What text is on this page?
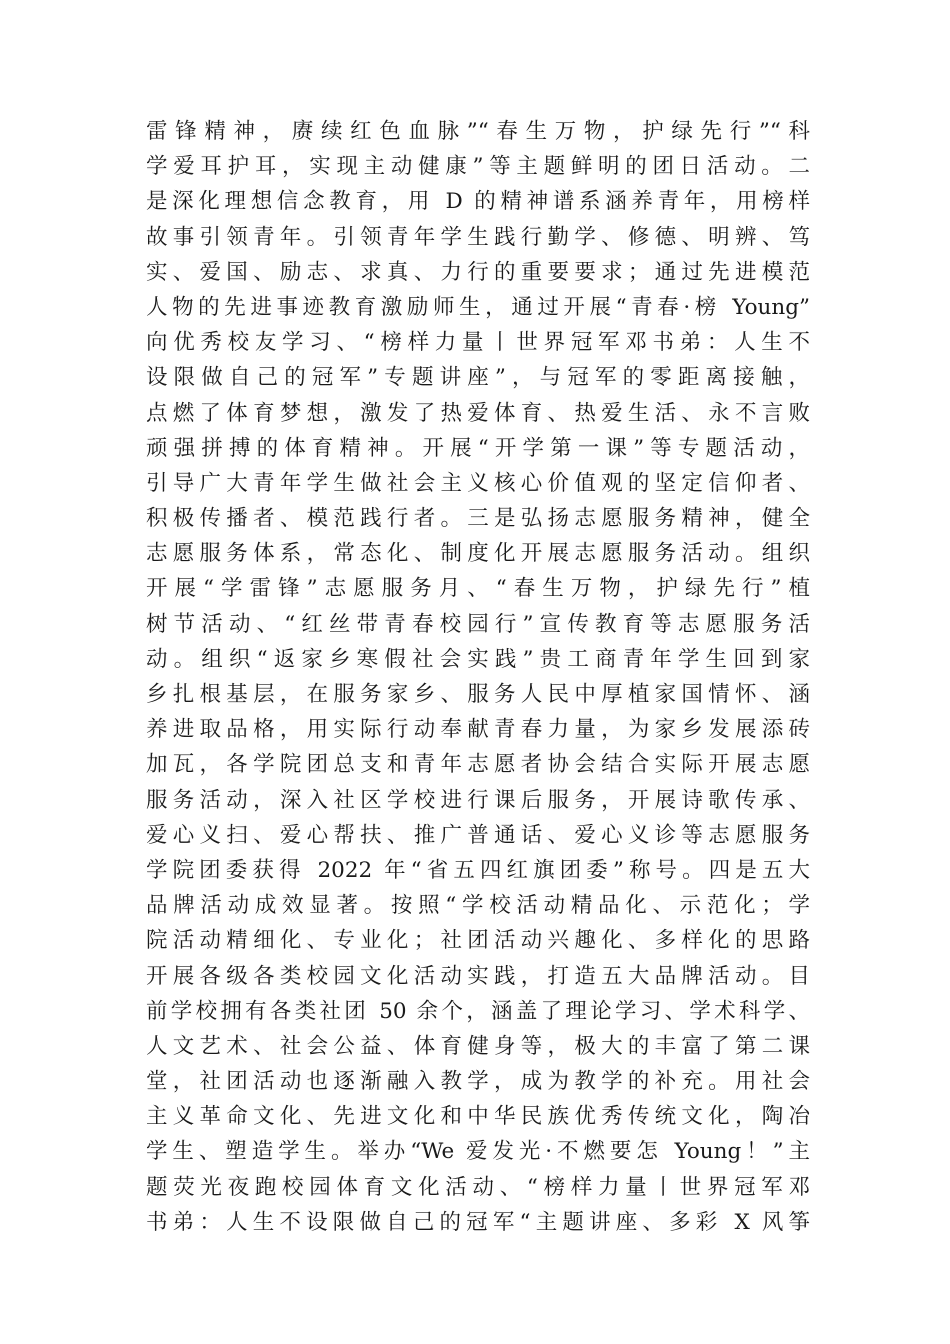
雷锋精神，赓续红色血脉”“春生万物，护绿先行”“科
学爱耳护耳，实现主动健康”等主题鲜明的团日活动。二
是深化理想信念教育，用 D 的精神谱系涵养青年，用榜样
故事引领青年。引领青年学生践行勤学、修德、明辨、笃
实、爱国、励志、求真、力行的重要要求；通过先进模范
人物的先进事迹教育激励师生，通过开展“青春·榜 Young”
向优秀校友学习、“榜样力量丨世界冠军邓书弟：人生不
设限做自己的冠军”专题讲座”，与冠军的零距离接触，
点燃了体育梦想，激发了热爱体育、热爱生活、永不言败
顽强拼搏的体育精神。开展“开学第一课”等专题活动，
引导广大青年学生做社会主义核心价值观的坚定信仰者、
积极传播者、模范践行者。三是弘扬志愿服务精神，健全
志愿服务体系，常态化、制度化开展志愿服务活动。组织
开展“学雷锋”志愿服务月、“春生万物，护绿先行”植
树节活动、“红丝带青春校园行”宣传教育等志愿服务活
动。组织“返家乡寒假社会实践”贵工商青年学生回到家
乡扎根基层，在服务家乡、服务人民中厚植家国情怀、涵
养进取品格，用实际行动奉献青春力量，为家乡发展添砖
加瓦，各学院团总支和青年志愿者协会结合实际开展志愿
服务活动，深入社区学校进行课后服务，开展诗歌传承、
爱心义扫、爱心帮扶、推广普通话、爱心义诊等志愿服务
学院团委获得 2022 年“省五四红旗团委”称号。四是五大
品牌活动成效显著。按照“学校活动精品化、示范化；学
院活动精细化、专业化；社团活动兴趣化、多样化的思路
开展各级各类校园文化活动实践，打造五大品牌活动。目
前学校拥有各类社团 50 余个，涵盖了理论学习、学术科学、
人文艺术、社会公益、体育健身等，极大的丰富了第二课
堂，社团活动也逐渐融入教学，成为教学的补充。用社会
主义革命文化、先进文化和中华民族优秀传统文化，陶冶
学生、塑造学生。举办“We 爱发光·不燃要怎 Young！”主
题荧光夜跑校园体育文化活动、“榜样力量丨世界冠军邓
书弟：人生不设限做自己的冠军“主题讲座、多彩 X 风筝
